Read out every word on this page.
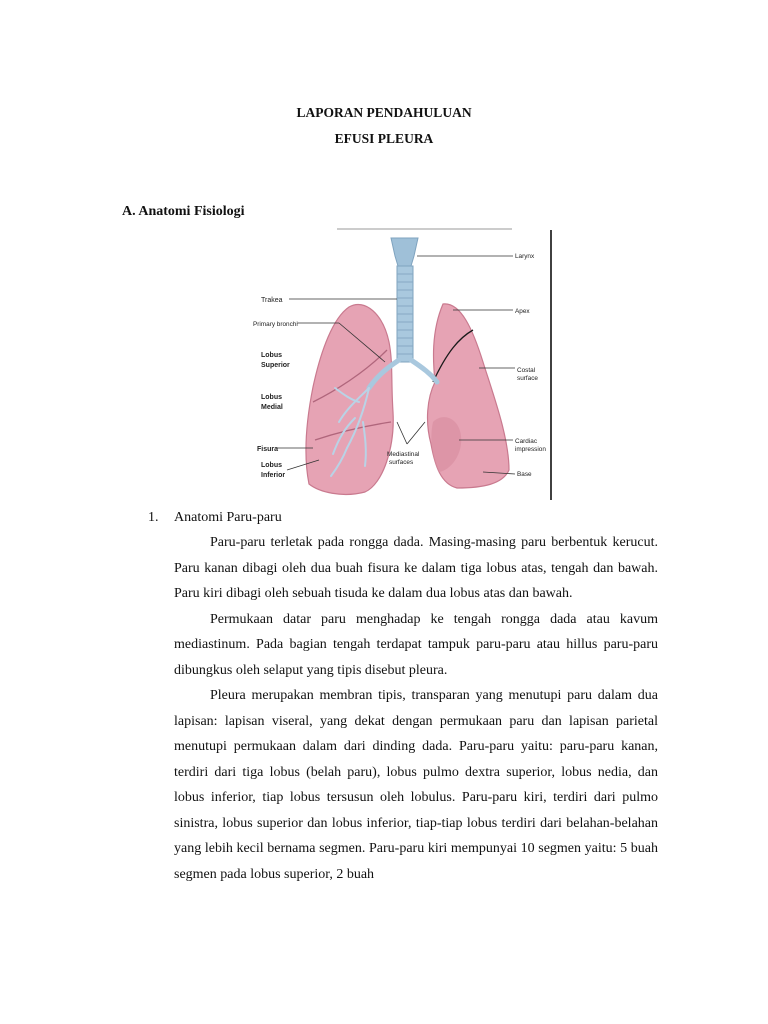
LAPORAN PENDAHULUAN
EFUSI PLEURA
A. Anatomi Fisiologi
Trakea
Primary bronchi
Lobus
Superior
Lobus
Medial
Fisura
Lobus
Inferior
Larynx
Apex
Costal
surface
Cardiac
impression
Base
Mediastinal
surfaces
1. Anatomi Paru-paru

Paru-paru terletak pada rongga dada. Masing-masing paru berbentuk kerucut. Paru kanan dibagi oleh dua buah fisura ke dalam tiga lobus atas, tengah dan bawah. Paru kiri dibagi oleh sebuah tisuda ke dalam dua lobus atas dan bawah.

Permukaan datar paru menghadap ke tengah rongga dada atau kavum mediastinum. Pada bagian tengah terdapat tampuk paru-paru atau hillus paru-paru dibungkus oleh selaput yang tipis disebut pleura.

Pleura merupakan membran tipis, transparan yang menutupi paru dalam dua lapisan: lapisan viseral, yang dekat dengan permukaan paru dan lapisan parietal menutupi permukaan dalam dari dinding dada. Paru-paru yaitu: paru-paru kanan, terdiri dari tiga lobus (belah paru), lobus pulmo dextra superior, lobus nedia, dan lobus inferior, tiap lobus tersusun oleh lobulus. Paru-paru kiri, terdiri dari pulmo sinistra, lobus superior dan lobus inferior, tiap-tiap lobus terdiri dari belahan-belahan yang lebih kecil bernama segmen. Paru-paru kiri mempunyai 10 segmen yaitu: 5 buah segmen pada lobus superior, 2 buah
